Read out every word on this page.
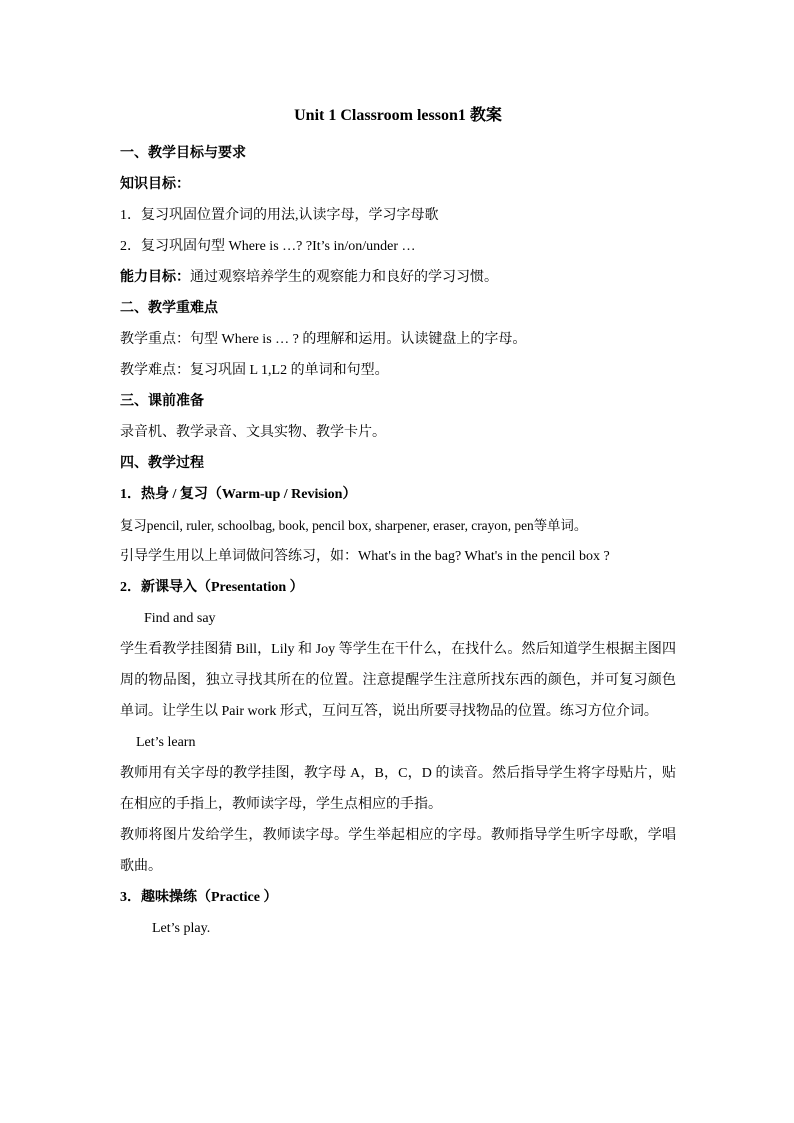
Unit 1 Classroom lesson1 教案
一、教学目标与要求
知识目标：
1．复习巩固位置介词的用法,认读字母，学习字母歌
2．复习巩固句型 Where is …? ?It’s in/on/under …
能力目标：通过观察培养学生的观察能力和良好的学习习惯。
二、教学重难点
教学重点：句型 Where is … ? 的理解和运用。认读键盘上的字母。
教学难点：复习巩固 L 1,L2 的单词和句型。
三、课前准备
录音机、教学录音、文具实物、教学卡片。
四、教学过程
1．热身 / 复习（Warm-up / Revision）
复习pencil, ruler, schoolbag, book, pencil box, sharpener, eraser, crayon, pen等单词。
引导学生用以上单词做问答练习，如：What's in the bag? What's in the pencil box ?
2．新课导入（Presentation ）
Find and say
学生看教学挂图猜 Bill，Lily 和 Joy 等学生在干什么，在找什么。然后知道学生根据主图四周的物品图，独立寻找其所在的位置。注意提醒学生注意所找东西的颜色，并可复习颜色单词。让学生以 Pair work 形式，互问互答，说出所要寻找物品的位置。练习方位介词。
Let’s learn
教师用有关字母的教学挂图，教字母 A，B，C，D 的读音。然后指导学生将字母贴片，贴在相应的手指上，教师读字母，学生点相应的手指。
教师将图片发给学生，教师读字母。学生举起相应的字母。教师指导学生听字母歌，学唱歌曲。
3．趣味操练（Practice ）
Let’s play.
